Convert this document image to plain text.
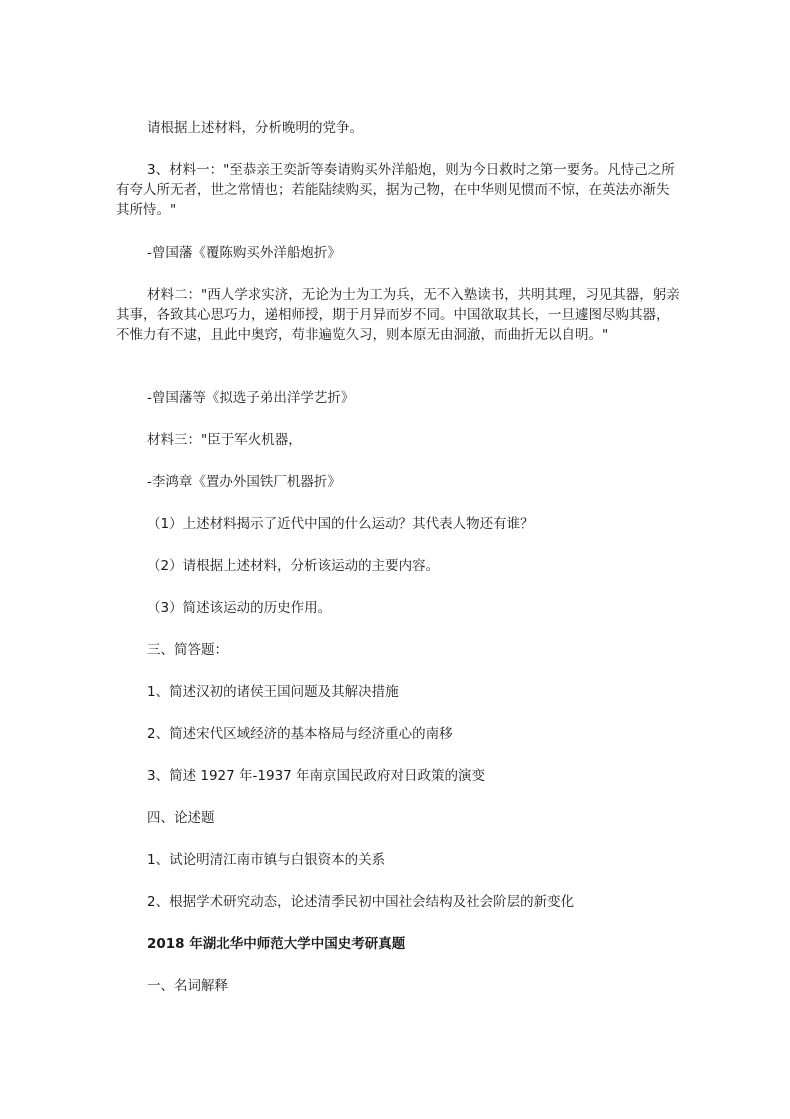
请根据上述材料，分析晚明的党争。

3、材料一："至恭亲王奕訢等奏请购买外洋船炮，则为今日救时之第一要务。凡恃己之所有夸人所无者，世之常情也；若能陆续购买，据为己物，在中华则见惯而不惊，在英法亦渐失其所恃。"

-曾国藩《覆陈购买外洋船炮折》

材料二："西人学求实济，无论为士为工为兵，无不入塾读书，共明其理，习见其器，躬亲其事，各致其心思巧力，递相师授，期于月异而岁不同。中国欲取其长，一旦遽图尽购其器，不惟力有不逮，且此中奥窍，苟非遍览久习，则本原无由洞澈，而曲折无以自明。"

-曾国藩等《拟选子弟出洋学艺折》

材料三："臣于军火机器，

-李鸿章《置办外国铁厂机器折》

（1）上述材料揭示了近代中国的什么运动？其代表人物还有谁？

（2）请根据上述材料，分析该运动的主要内容。

（3）简述该运动的历史作用。

三、简答题：

1、简述汉初的诸侯王国问题及其解决措施

2、简述宋代区域经济的基本格局与经济重心的南移

3、简述 1927 年-1937 年南京国民政府对日政策的演变

四、论述题

1、试论明清江南市镇与白银资本的关系

2、根据学术研究动态，论述清季民初中国社会结构及社会阶层的新变化

2018 年湖北华中师范大学中国史考研真题

一、名词解释
